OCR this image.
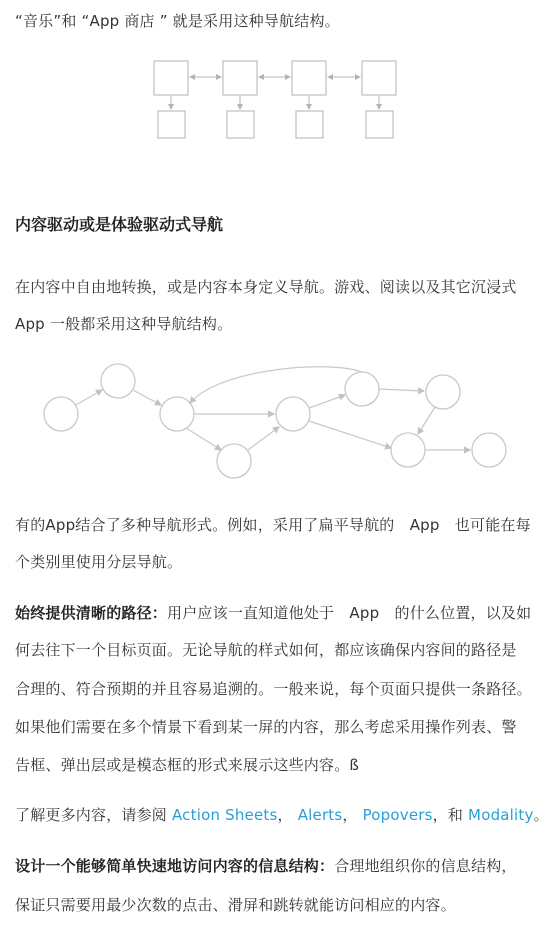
“音乐”和 “App 商店 ” 就是采用这种导航结构。
内容驱动或是体验驱动式导航
在内容中自由地转换，或是内容本身定义导航。游戏、阅读以及其它沉浸式
App 一般都采用这种导航结构。
有的App结合了多种导航形式。例如，采用了扁平导航的　App　也可能在每
个类别里使用分层导航。
始终提供清晰的路径：用户应该一直知道他处于　App　的什么位置，以及如
何去往下一个目标页面。无论导航的样式如何，都应该确保内容间的路径是
合理的、符合预期的并且容易追溯的。一般来说，每个页面只提供一条路径。
如果他们需要在多个情景下看到某一屏的内容，那么考虑采用操作列表、警
告框、弹出层或是模态框的形式来展示这些内容。ß
了解更多内容，请参阅 Action Sheets， Alerts， Popovers，和 Modality。
设计一个能够简单快速地访问内容的信息结构：合理地组织你的信息结构，
保证只需要用最少次数的点击、滑屏和跳转就能访问相应的内容。
